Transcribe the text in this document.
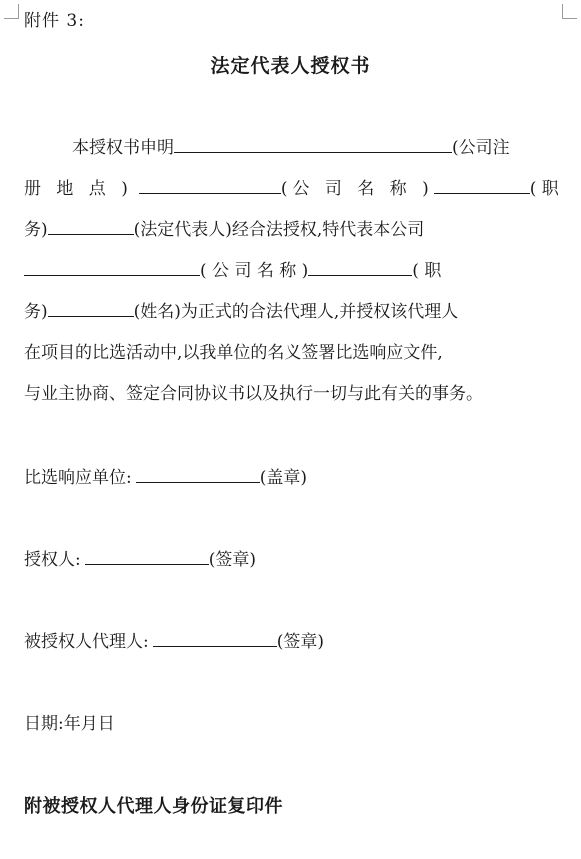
附件 3:
法定代表人授权书
本授权书申明	(公司注
册 地 点 )	(公 司 名 称 )	( 职
务)	(法定代表人)经合法授权,特代表本公司
( 公 司 名 称 )	( 职
务)	(姓名)为正式的合法代理人,并授权该代理人
在项目的比选活动中,以我单位的名义签署比选响应文件,
与业主协商、签定合同协议书以及执行一切与此有关的事务。
比选响应单位:	(盖章)
授权人:	(签章)
被授权人代理人:	(签章)
日期:年月日
附被授权人代理人身份证复印件
